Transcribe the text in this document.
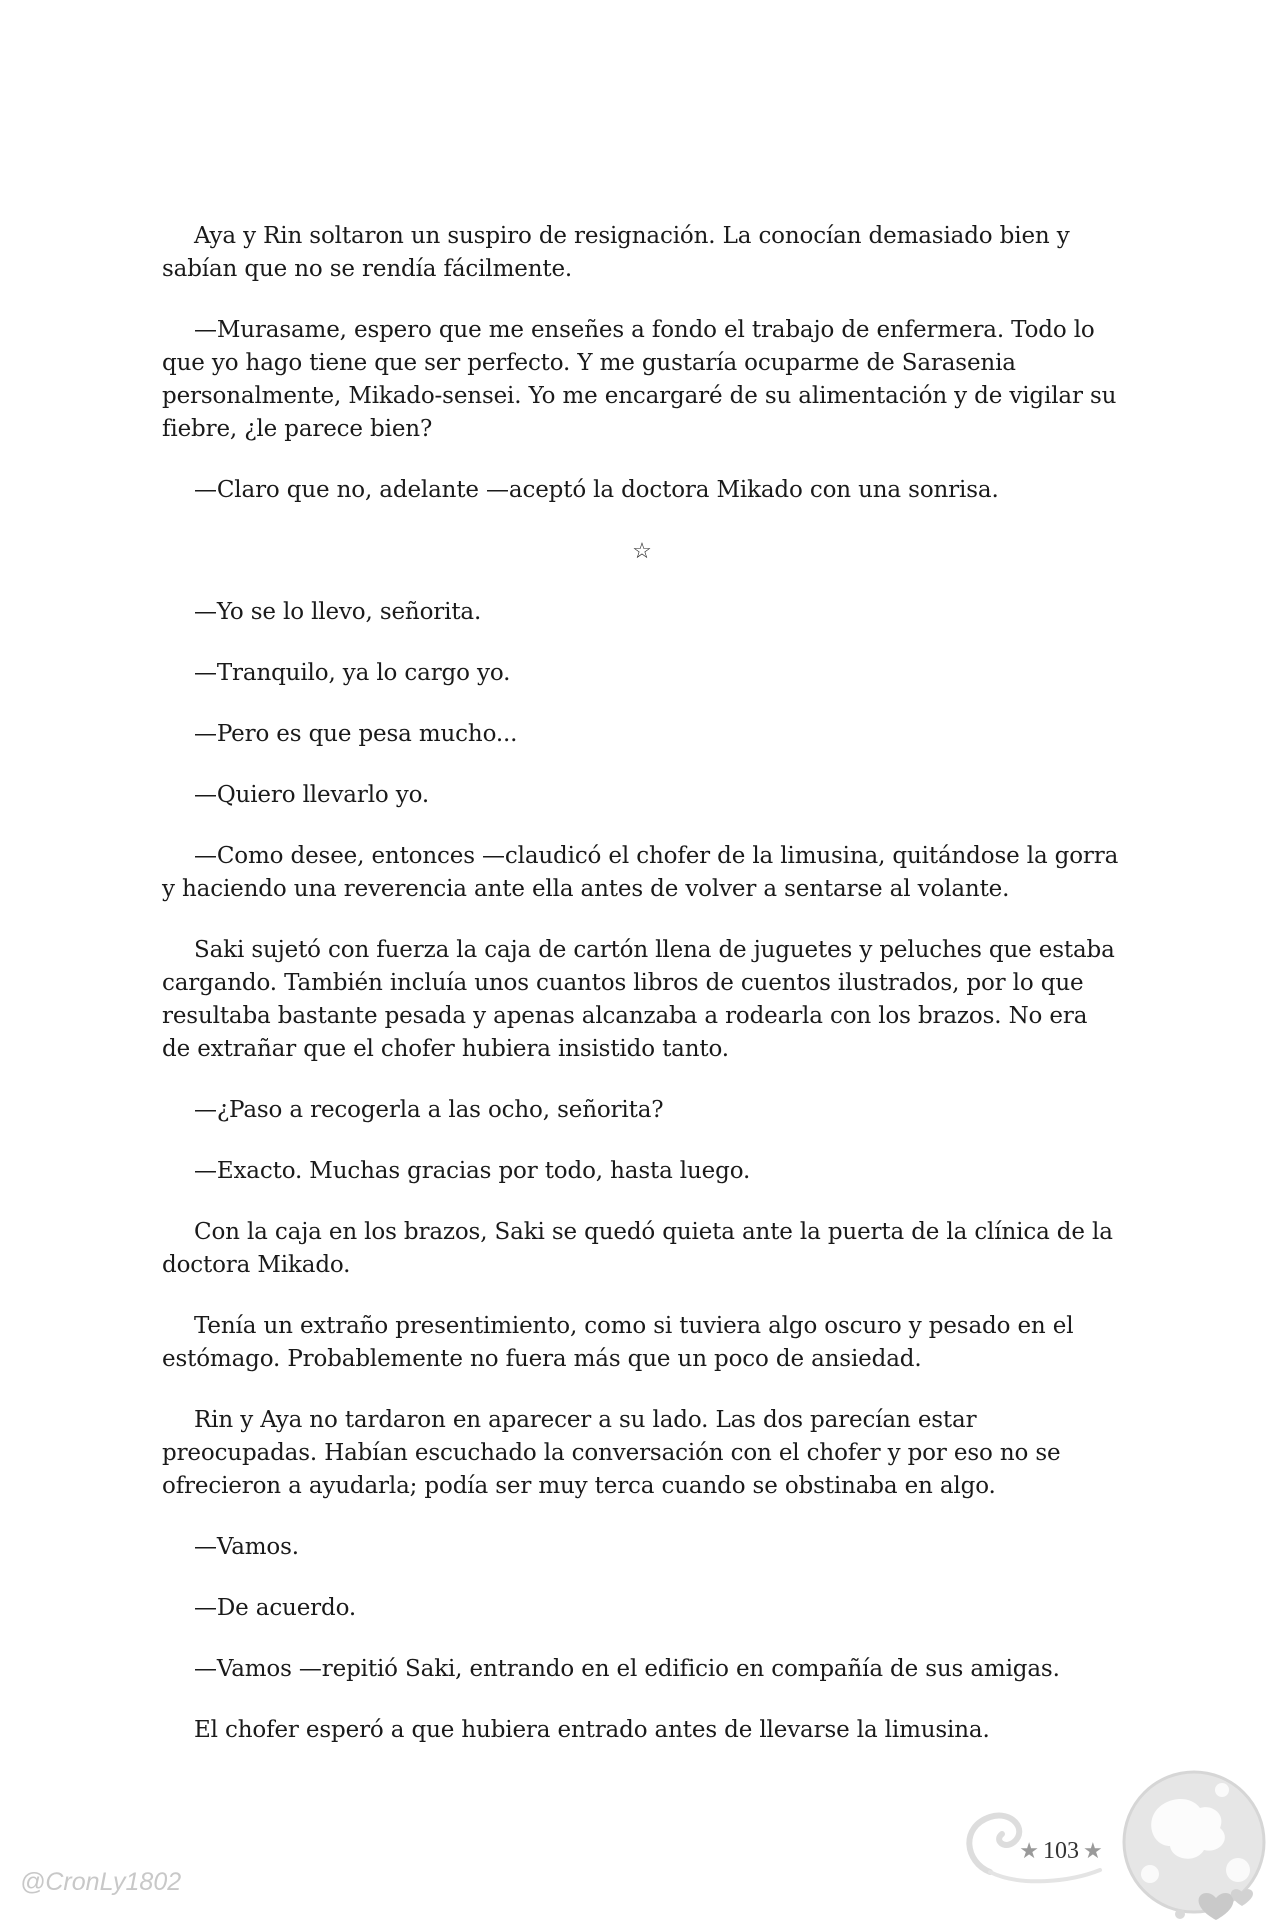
Aya y Rin soltaron un suspiro de resignación. La conocían demasiado bien y sabían que no se rendía fácilmente.

—Murasame, espero que me enseñes a fondo el trabajo de enfermera. Todo lo que yo hago tiene que ser perfecto. Y me gustaría ocuparme de Sarasenia personalmente, Mikado-sensei. Yo me encargaré de su alimentación y de vigilar su fiebre, ¿le parece bien?

—Claro que no, adelante —aceptó la doctora Mikado con una sonrisa.

☆

—Yo se lo llevo, señorita.

—Tranquilo, ya lo cargo yo.

—Pero es que pesa mucho...

—Quiero llevarlo yo.

—Como desee, entonces —claudicó el chofer de la limusina, quitándose la gorra y haciendo una reverencia ante ella antes de volver a sentarse al volante.

Saki sujetó con fuerza la caja de cartón llena de juguetes y peluches que estaba cargando. También incluía unos cuantos libros de cuentos ilustrados, por lo que resultaba bastante pesada y apenas alcanzaba a rodearla con los brazos. No era de extrañar que el chofer hubiera insistido tanto.

—¿Paso a recogerla a las ocho, señorita?

—Exacto. Muchas gracias por todo, hasta luego.

Con la caja en los brazos, Saki se quedó quieta ante la puerta de la clínica de la doctora Mikado.

Tenía un extraño presentimiento, como si tuviera algo oscuro y pesado en el estómago. Probablemente no fuera más que un poco de ansiedad.

Rin y Aya no tardaron en aparecer a su lado. Las dos parecían estar preocupadas. Habían escuchado la conversación con el chofer y por eso no se ofrecieron a ayudarla; podía ser muy terca cuando se obstinaba en algo.

—Vamos.

—De acuerdo.

—Vamos —repitió Saki, entrando en el edificio en compañía de sus amigas.

El chofer esperó a que hubiera entrado antes de llevarse la limusina.

★ 103 ★
@CronLy1802
